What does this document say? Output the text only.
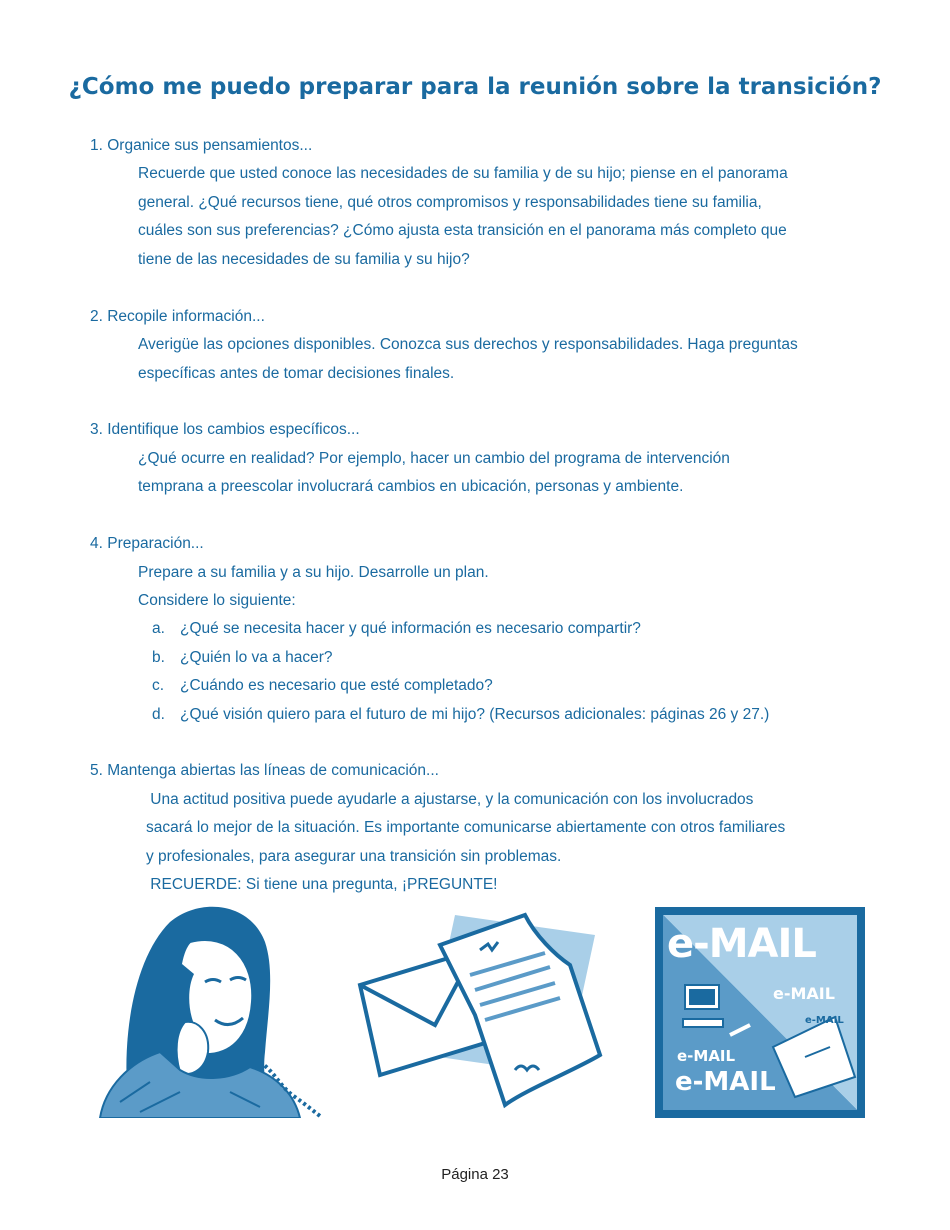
¿Cómo me puedo preparar para la reunión sobre la transición?
1. Organice sus pensamientos...
Recuerde que usted conoce las necesidades de su familia y de su hijo; piense en el panorama
general. ¿Qué recursos tiene, qué otros compromisos y responsabilidades tiene su familia,
cuáles son sus preferencias? ¿Cómo ajusta esta transición en el panorama más completo que
tiene de las necesidades de su familia y su hijo?
2. Recopile información...
Averigüe las opciones disponibles. Conozca sus derechos y responsabilidades. Haga preguntas
específicas antes de tomar decisiones finales.
3. Identifique los cambios específicos...
¿Qué ocurre en realidad? Por ejemplo, hacer un cambio del programa de intervención
temprana a preescolar involucrará cambios en ubicación, personas y ambiente.
4. Preparación...
Prepare a su familia y a su hijo. Desarrolle un plan.
Considere lo siguiente:
a. ¿Qué se necesita hacer y qué información es necesario compartir?
b. ¿Quién lo va a hacer?
c. ¿Cuándo es necesario que esté completado?
d. ¿Qué visión quiero para el futuro de mi hijo? (Recursos adicionales: páginas 26 y 27.)
5. Mantenga abiertas las líneas de comunicación...
Una actitud positiva puede ayudarle a ajustarse, y la comunicación con los involucrados
sacará lo mejor de la situación. Es importante comunicarse abiertamente con otros familiares
y profesionales, para asegurar una transición sin problemas.
RECUERDE: Si tiene una pregunta, ¡PREGUNTE!
e-MAIL
e-MAIL
e-MAIL
e-MAIL
e-MAIL
Página 23
